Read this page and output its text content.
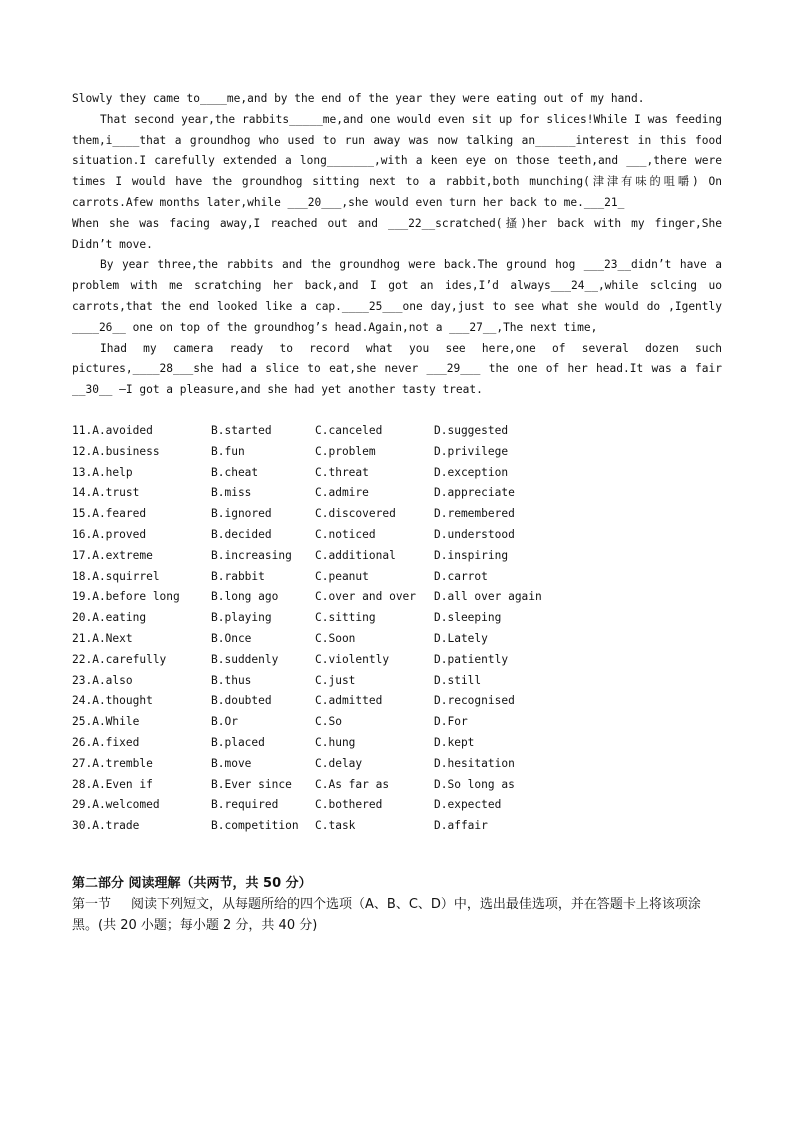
Slowly they came to____me,and by the end of the year they were eating out of my hand.

That second year,the rabbits_____me,and one would even sit up for slices!While I was feeding them,i____that a groundhog who used to run away was now talking an______interest in this food situation.I carefully extended a long_______,with a keen eye on those teeth,and ___,there were times I would have the groundhog sitting next to a rabbit,both munching(津津有味的咀嚼) On carrots.Afew months later,while ___20___,she would even turn her back to me.___21_

When she was facing away,I reached out and ___22__scratched(搔)her back with my finger,She Didn’t move.

By year three,the rabbits and the groundhog were back.The ground hog ___23__didn’t have a problem with me scratching her back,and I got an ides,I’d always___24__,while sclcing uo carrots,that the end looked like a cap.____25___one day,just to see what she would do ,Igently ____26__ one on top of the groundhog’s head.Again,not a ___27__,The next time,

Ihad my camera ready to record what you see here,one of several dozen such pictures,____28___she had a slice to eat,she never ___29___ the one of her head.It was a fair __30__ —I got a pleasure,and she had yet another tasty treat.

11.A.avoided	B.started	C.canceled	D.suggested
12.A.business	B.fun	C.problem	D.privilege
13.A.help	B.cheat	C.threat	D.exception
14.A.trust	B.miss	C.admire	D.appreciate
15.A.feared	B.ignored	C.discovered	D.remembered
16.A.proved	B.decided	C.noticed	D.understood
17.A.extreme	B.increasing C.additional	D.inspiring
18.A.squirrel	B.rabbit	C.peanut	D.carrot
19.A.before long	B.long ago	C.over and over D.all over again
20.A.eating	B.playing	C.sitting	D.sleeping
21.A.Next	B.Once	C.Soon	D.Lately
22.A.carefully	B.suddenly	C.violently	D.patiently
23.A.also	B.thus	C.just	D.still
24.A.thought	B.doubted	C.admitted	D.recognised
25.A.While	B.Or	C.So	D.For
26.A.fixed	B.placed	C.hung	D.kept
27.A.tremble	B.move	C.delay	D.hesitation
28.A.Even if	B.Ever since C.As far as	D.So long as
29.A.welcomed	B.required	C.bothered	D.expected
30.A.trade	B.competition C.task	D.affair

第二部分 阅读理解（共两节，共 50 分）

第一节 阅读下列短文，从每题所给的四个选项（A、B、C、D）中，选出最佳选项，并在答题卡上将该项涂黑。(共 20 小题；每小题 2 分，共 40 分)
